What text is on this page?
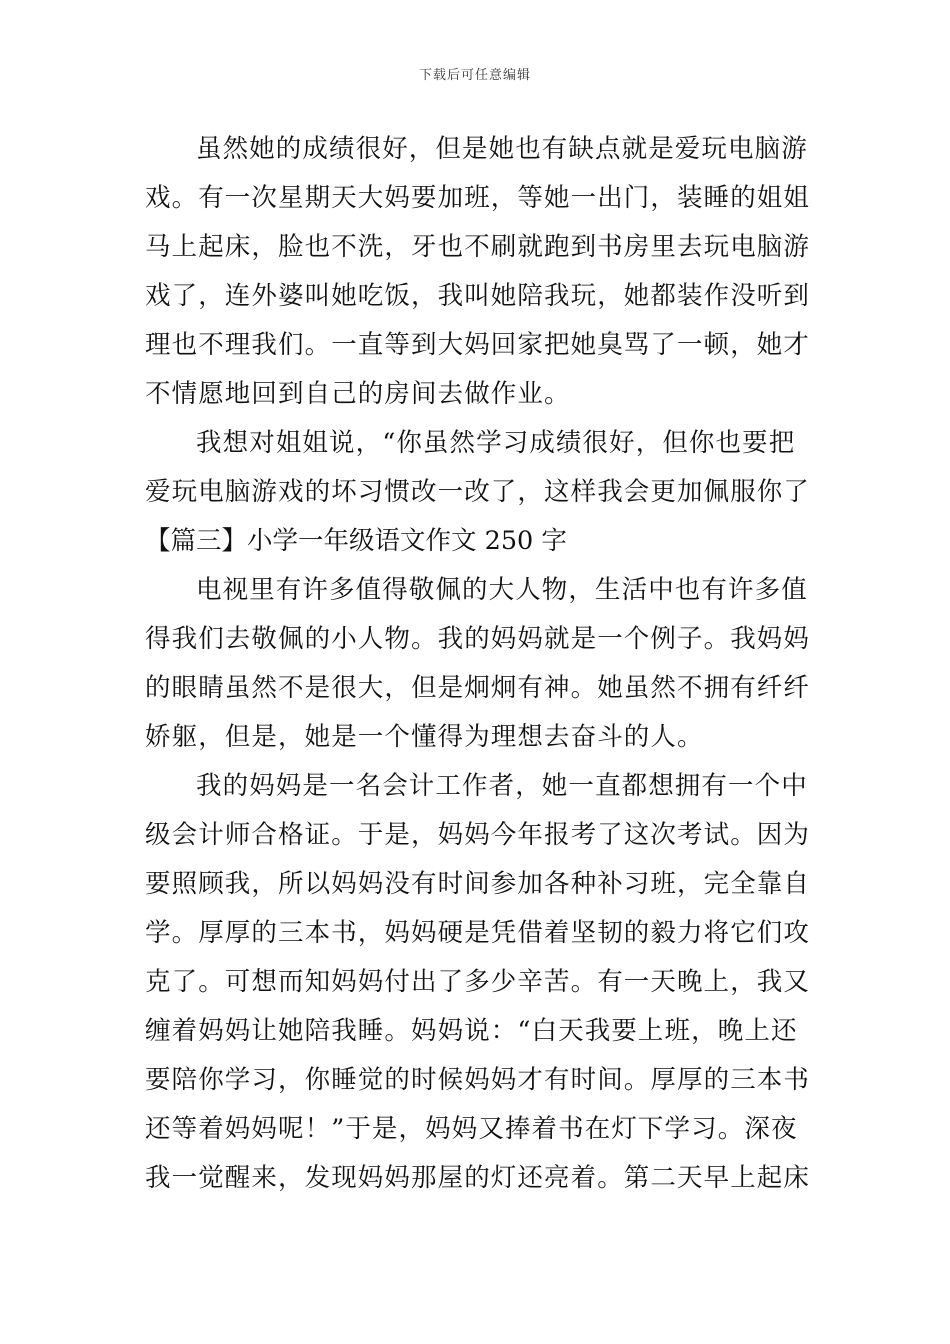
下载后可任意编辑
虽然她的成绩很好，但是她也有缺点就是爱玩电脑游
戏。有一次星期天大妈要加班，等她一出门，装睡的姐姐
马上起床，脸也不洗，牙也不刷就跑到书房里去玩电脑游
戏了，连外婆叫她吃饭，我叫她陪我玩，她都装作没听到
理也不理我们。一直等到大妈回家把她臭骂了一顿，她才
不情愿地回到自己的房间去做作业。
我想对姐姐说，“你虽然学习成绩很好，但你也要把
爱玩电脑游戏的坏习惯改一改了，这样我会更加佩服你了
【篇三】小学一年级语文作文 250 字
电视里有许多值得敬佩的大人物，生活中也有许多值
得我们去敬佩的小人物。我的妈妈就是一个例子。我妈妈
的眼睛虽然不是很大，但是炯炯有神。她虽然不拥有纤纤
娇躯，但是，她是一个懂得为理想去奋斗的人。
我的妈妈是一名会计工作者，她一直都想拥有一个中
级会计师合格证。于是，妈妈今年报考了这次考试。因为
要照顾我，所以妈妈没有时间参加各种补习班，完全靠自
学。厚厚的三本书，妈妈硬是凭借着坚韧的毅力将它们攻
克了。可想而知妈妈付出了多少辛苦。有一天晚上，我又
缠着妈妈让她陪我睡。妈妈说：“白天我要上班，晚上还
要陪你学习，你睡觉的时候妈妈才有时间。厚厚的三本书
还等着妈妈呢！”于是，妈妈又捧着书在灯下学习。深夜
我一觉醒来，发现妈妈那屋的灯还亮着。第二天早上起床
